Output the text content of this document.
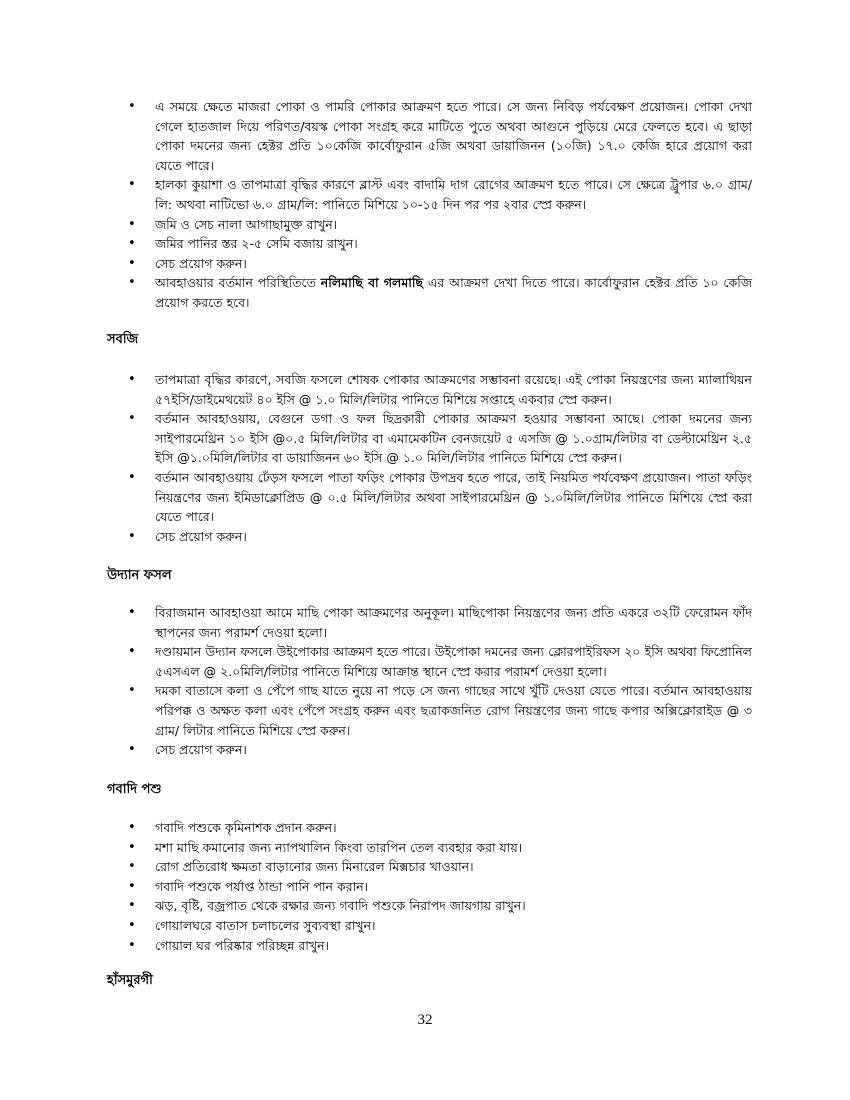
• এ সময়ে ক্ষেতে মাজরা পোকা ও পামরি পোকার আক্রমণ হতে পারে। সে জন্য নিবিড় পর্যবেক্ষণ প্রয়োজন। পোকা দেখা গেলে হাতজাল দিয়ে পরিণত/বয়স্ক পোকা সংগ্রহ করে মাটিতে পুতে অথবা আগুনে পুড়িয়ে মেরে ফেলতে হবে। এ ছাড়া পোকা দমনের জন্য হেক্টর প্রতি ১০কেজি কার্বোফুরান ৫জি অথবা ডায়াজিনন (১০জি) ১৭.০ কেজি হারে প্রয়োগ করা যেতে পারে।
• হালকা কুয়াশা ও তাপমাত্রা বৃদ্ধির কারণে ব্লাস্ট এবং বাদামি দাগ রোগের আক্রমণ হতে পারে। সে ক্ষেত্রে ট্রুপার ৬.০ গ্রাম/লি: অথবা নাটিভো ৬.০ গ্রাম/লি: পানিতে মিশিয়ে ১০-১৫ দিন পর পর ২বার স্প্রে করুন।
• জমি ও সেচ নালা আগাছামুক্ত রাখুন।
• জমির পানির স্তর ২-৫ সেমি বজায় রাখুন।
• সেচ প্রয়োগ করুন।
• আবহাওয়ার বর্তমান পরিস্থিতিতে নলিমাছি বা গলমাছি এর আক্রমণ দেখা দিতে পারে। কার্বোফুরান হেক্টর প্রতি ১০ কেজি প্রয়োগ করতে হবে।
সবজি
• তাপমাত্রা বৃদ্ধির কারণে, সবজি ফসলে শোষক পোকার আক্রমণের সম্ভাবনা রয়েছে। এই পোকা নিয়ন্ত্রণের জন্য ম্যালাথিয়ন ৫৭ইসি/ডাইমেথয়েট ৪০ ইসি @ ১.০ মিলি/লিটার পানিতে মিশিয়ে সপ্তাহে একবার স্প্রে করুন।
• বর্তমান আবহাওয়ায়, বেগুনে ডগা ও ফল ছিদ্রকারী পোকার আক্রমণ হওয়ার সম্ভাবনা আছে। পোকা দমনের জন্য সাইপারমেথ্রিন ১০ ইসি @০.৫ মিলি/লিটার বা এমামেকটিন বেনজয়েট ৫ এসজি @ ১.০গ্রাম/লিটার বা ডেল্টামেথ্রিন ২.৫ ইসি @১.০মিলি/লিটার বা ডায়াজিনন ৬০ ইসি @ ১.০ মিলি/লিটার পানিতে মিশিয়ে স্প্রে করুন।
• বর্তমান আবহাওয়ায় ঢেঁড়স ফসলে পাতা ফড়িং পোকার উপদ্রব হতে পারে, তাই নিয়মিত পর্যবেক্ষণ প্রয়োজন। পাতা ফড়িং নিয়ন্ত্রণের জন্য ইমিডাক্লোপ্রিড @ ০.৫ মিলি/লিটার অথবা সাইপারমেথ্রিন @ ১.০মিলি/লিটার পানিতে মিশিয়ে স্প্রে করা যেতে পারে।
• সেচ প্রয়োগ করুন।
উদ্যান ফসল
• বিরাজমান আবহাওয়া আমে মাছি পোকা আক্রমণের অনুকূল। মাছিপোকা নিয়ন্ত্রণের জন্য প্রতি একরে ৩২টি ফেরোমন ফাঁদ স্থাপনের জন্য পরামর্শ দেওয়া হলো।
• দণ্ডায়মান উদ্যান ফসলে উইপোকার আক্রমণ হতে পারে। উইপোকা দমনের জন্য ক্লোরপাইরিফস ২০ ইসি অথবা ফিপ্রোনিল ৫এসএল @ ২.০মিলি/লিটার পানিতে মিশিয়ে আক্রান্ত স্থানে স্প্রে করার পরামর্শ দেওয়া হলো।
• দমকা বাতাসে কলা ও পেঁপে গাছ যাতে নুয়ে না পড়ে সে জন্য গাছের সাথে খুঁটি দেওয়া যেতে পারে। বর্তমান আবহাওয়ায় পরিপক্ক ও অক্ষত কলা এবং পেঁপে সংগ্রহ করুন এবং ছত্রাকজনিত রোগ নিয়ন্ত্রণের জন্য গাছে কপার অক্সিক্লোরাইড @ ৩ গ্রাম/ লিটার পানিতে মিশিয়ে স্প্রে করুন।
• সেচ প্রয়োগ করুন।
গবাদি পশু
• গবাদি পশুকে কৃমিনাশক প্রদান করুন।
• মশা মাছি কমানোর জন্য ন্যাপথালিন কিংবা তারপিন তেল ব্যবহার করা যায়।
• রোগ প্রতিরোধ ক্ষমতা বাড়ানোর জন্য মিনারেল মিক্সচার খাওয়ান।
• গবাদি পশুকে পর্যাপ্ত ঠান্ডা পানি পান করান।
• ঝড়, বৃষ্টি, বজ্রপাত থেকে রক্ষার জন্য গবাদি পশুকে নিরাপদ জায়গায় রাখুন।
• গোয়ালঘরে বাতাস চলাচলের সুব্যবস্থা রাখুন।
• গোয়াল ঘর পরিষ্কার পরিচ্ছন্ন রাখুন।
হাঁসমুরগী
32
